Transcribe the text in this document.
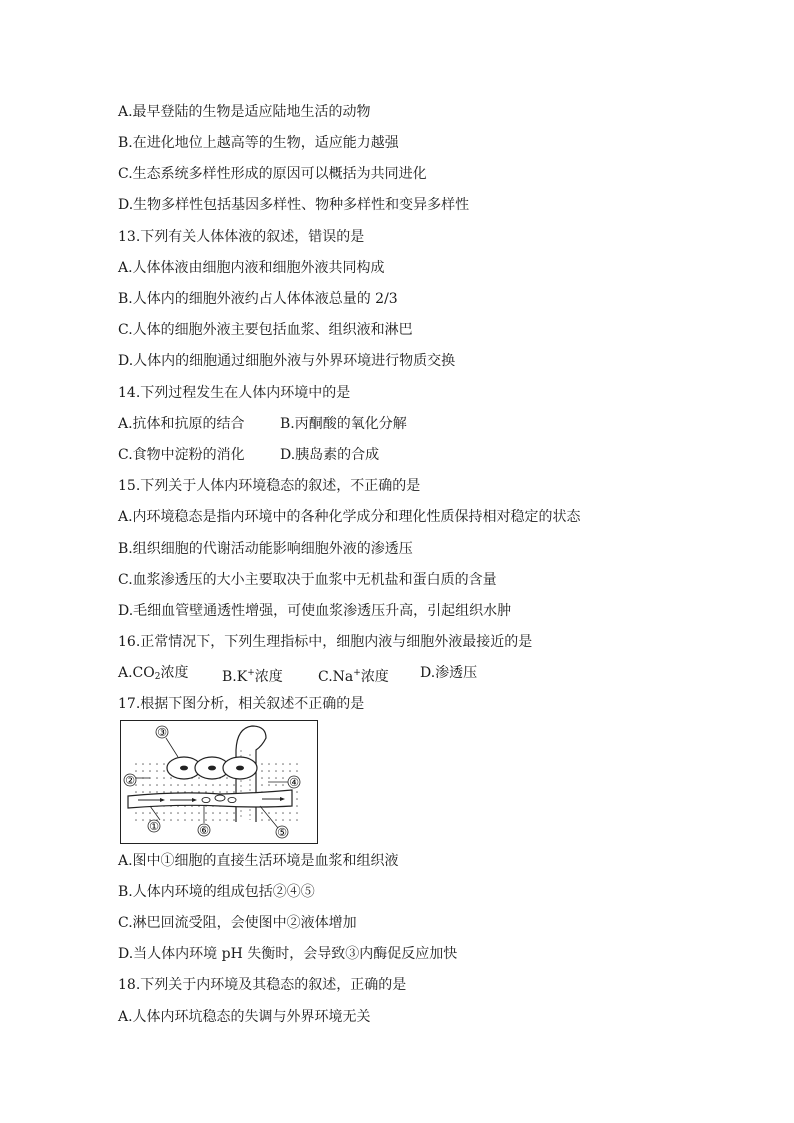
A.最早登陆的生物是适应陆地生活的动物
B.在进化地位上越高等的生物，适应能力越强
C.生态系统多样性形成的原因可以概括为共同进化
D.生物多样性包括基因多样性、物种多样性和变异多样性
13.下列有关人体体液的叙述，错误的是
A.人体体液由细胞内液和细胞外液共同构成
B.人体内的细胞外液约占人体体液总量的 2/3
C.人体的细胞外液主要包括血浆、组织液和淋巴
D.人体内的细胞通过细胞外液与外界环境进行物质交换
14.下列过程发生在人体内环境中的是
A.抗体和抗原的结合	B.丙酮酸的氧化分解
C.食物中淀粉的消化	D.胰岛素的合成
15.下列关于人体内环境稳态的叙述，不正确的是
A.内环境稳态是指内环境中的各种化学成分和理化性质保持相对稳定的状态
B.组织细胞的代谢活动能影响细胞外液的渗透压
C.血浆渗透压的大小主要取决于血浆中无机盐和蛋白质的含量
D.毛细血管壁通透性增强，可使血浆渗透压升高，引起组织水肿
16.正常情况下，下列生理指标中，细胞内液与细胞外液最接近的是
A.CO2浓度	B.K+浓度	C.Na+浓度	D.渗透压
17.根据下图分析，相关叙述不正确的是
③
②	④
①	⑥	⑤
A.图中①细胞的直接生活环境是血浆和组织液
B.人体内环境的组成包括②④⑤
C.淋巴回流受阻，会使图中②液体增加
D.当人体内环境 pH 失衡时，会导致③内酶促反应加快
18.下列关于内环境及其稳态的叙述，正确的是
A.人体内环坑稳态的失调与外界环境无关
